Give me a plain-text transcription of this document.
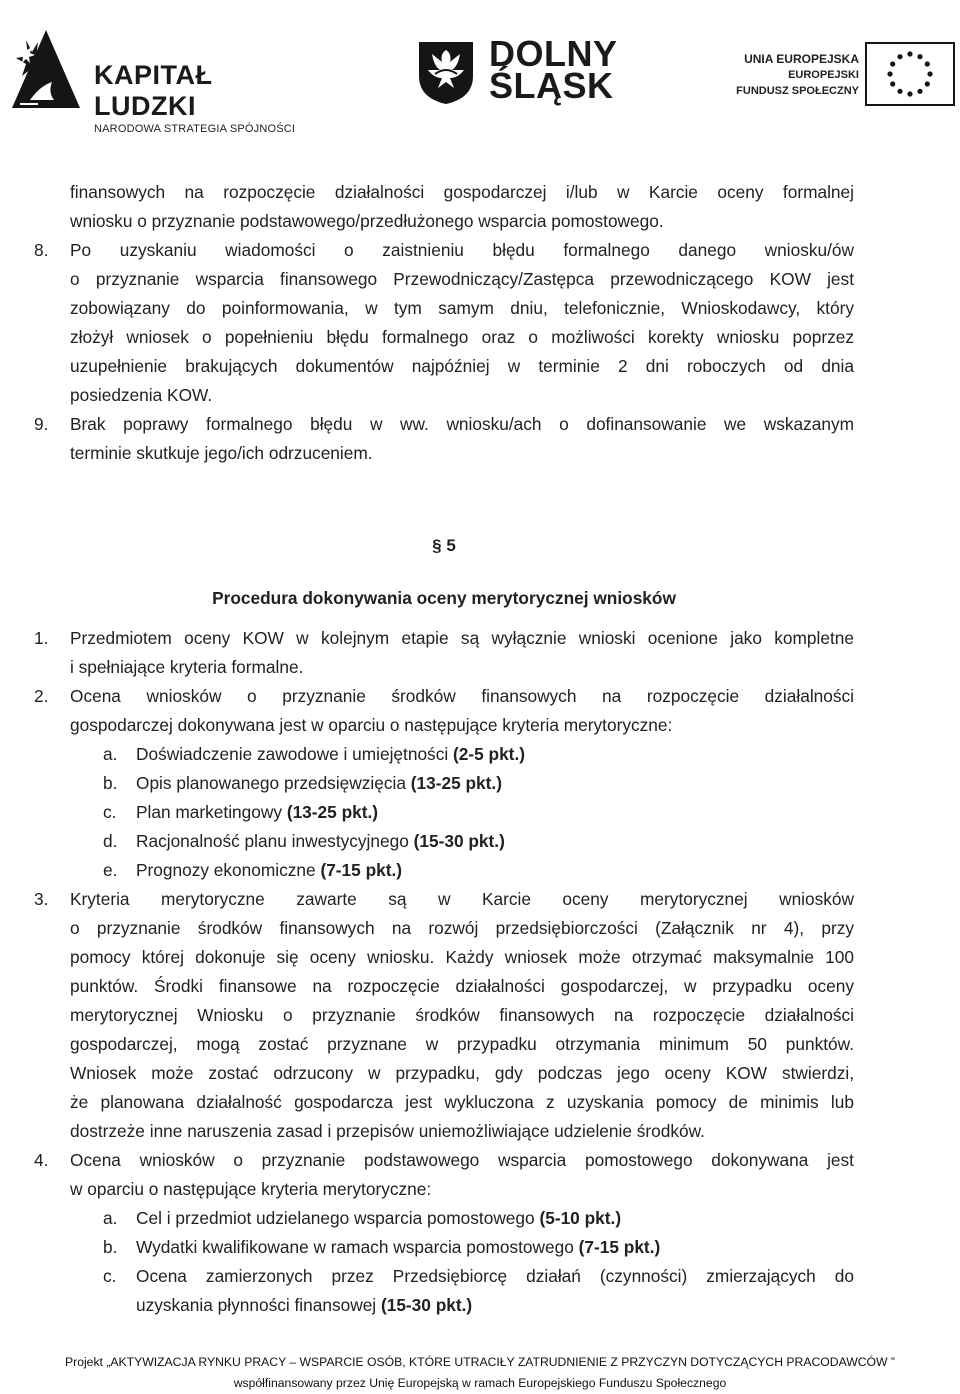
KAPITAŁ LUDZKI
NARODOWA STRATEGIA SPÓJNOŚCI
DOLNY
ŚLĄSK
UNIA EUROPEJSKA
EUROPEJSKI
FUNDUSZ SPOŁECZNY
finansowych na rozpoczęcie działalności gospodarczej i/lub w Karcie oceny formalnej
wniosku o przyznanie podstawowego/przedłużonego wsparcia pomostowego.
8.	Po uzyskaniu wiadomości o zaistnieniu błędu formalnego danego wniosku/ów
o przyznanie wsparcia finansowego Przewodniczący/Zastępca przewodniczącego KOW jest
zobowiązany do poinformowania, w tym samym dniu, telefonicznie, Wnioskodawcy, który
złożył wniosek o popełnieniu błędu formalnego oraz o możliwości korekty wniosku poprzez
uzupełnienie brakujących dokumentów najpóźniej w terminie 2 dni roboczych od dnia
posiedzenia KOW.
9.	Brak poprawy formalnego błędu w ww. wniosku/ach o dofinansowanie we wskazanym
terminie skutkuje jego/ich odrzuceniem.
§ 5
Procedura dokonywania oceny merytorycznej wniosków
1.	Przedmiotem oceny KOW w kolejnym etapie są wyłącznie wnioski ocenione jako kompletne
i spełniające kryteria formalne.
2.	Ocena wniosków o przyznanie środków finansowych na rozpoczęcie działalności
gospodarczej dokonywana jest w oparciu o następujące kryteria merytoryczne:
a. Doświadczenie zawodowe i umiejętności (2-5 pkt.)
b. Opis planowanego przedsięwzięcia (13-25 pkt.)
c. Plan marketingowy (13-25 pkt.)
d. Racjonalność planu inwestycyjnego (15-30 pkt.)
e. Prognozy ekonomiczne (7-15 pkt.)
3.	Kryteria merytoryczne zawarte są w Karcie oceny merytorycznej wniosków
o przyznanie środków finansowych na rozwój przedsiębiorczości (Załącznik nr 4), przy
pomocy której dokonuje się oceny wniosku. Każdy wniosek może otrzymać maksymalnie 100
punktów. Środki finansowe na rozpoczęcie działalności gospodarczej, w przypadku oceny
merytorycznej Wniosku o przyznanie środków finansowych na rozpoczęcie działalności
gospodarczej, mogą zostać przyznane w przypadku otrzymania minimum 50 punktów.
Wniosek może zostać odrzucony w przypadku, gdy podczas jego oceny KOW stwierdzi,
że planowana działalność gospodarcza jest wykluczona z uzyskania pomocy de minimis lub
dostrzeże inne naruszenia zasad i przepisów uniemożliwiające udzielenie środków.
4.	Ocena wniosków o przyznanie podstawowego wsparcia pomostowego dokonywana jest
w oparciu o następujące kryteria merytoryczne:
a. Cel i przedmiot udzielanego wsparcia pomostowego (5-10 pkt.)
b. Wydatki kwalifikowane w ramach wsparcia pomostowego (7-15 pkt.)
c.	Ocena zamierzonych przez Przedsiębiorcę działań (czynności) zmierzających do
uzyskania płynności finansowej (15-30 pkt.)
Projekt „AKTYWIZACJA RYNKU PRACY – WSPARCIE OSÓB, KTÓRE UTRACIŁY ZATRUDNIENIE Z PRZYCZYN DOTYCZĄCYCH PRACODAWCÓW ”
współfinansowany przez Unię Europejską w ramach Europejskiego Funduszu Społecznego
